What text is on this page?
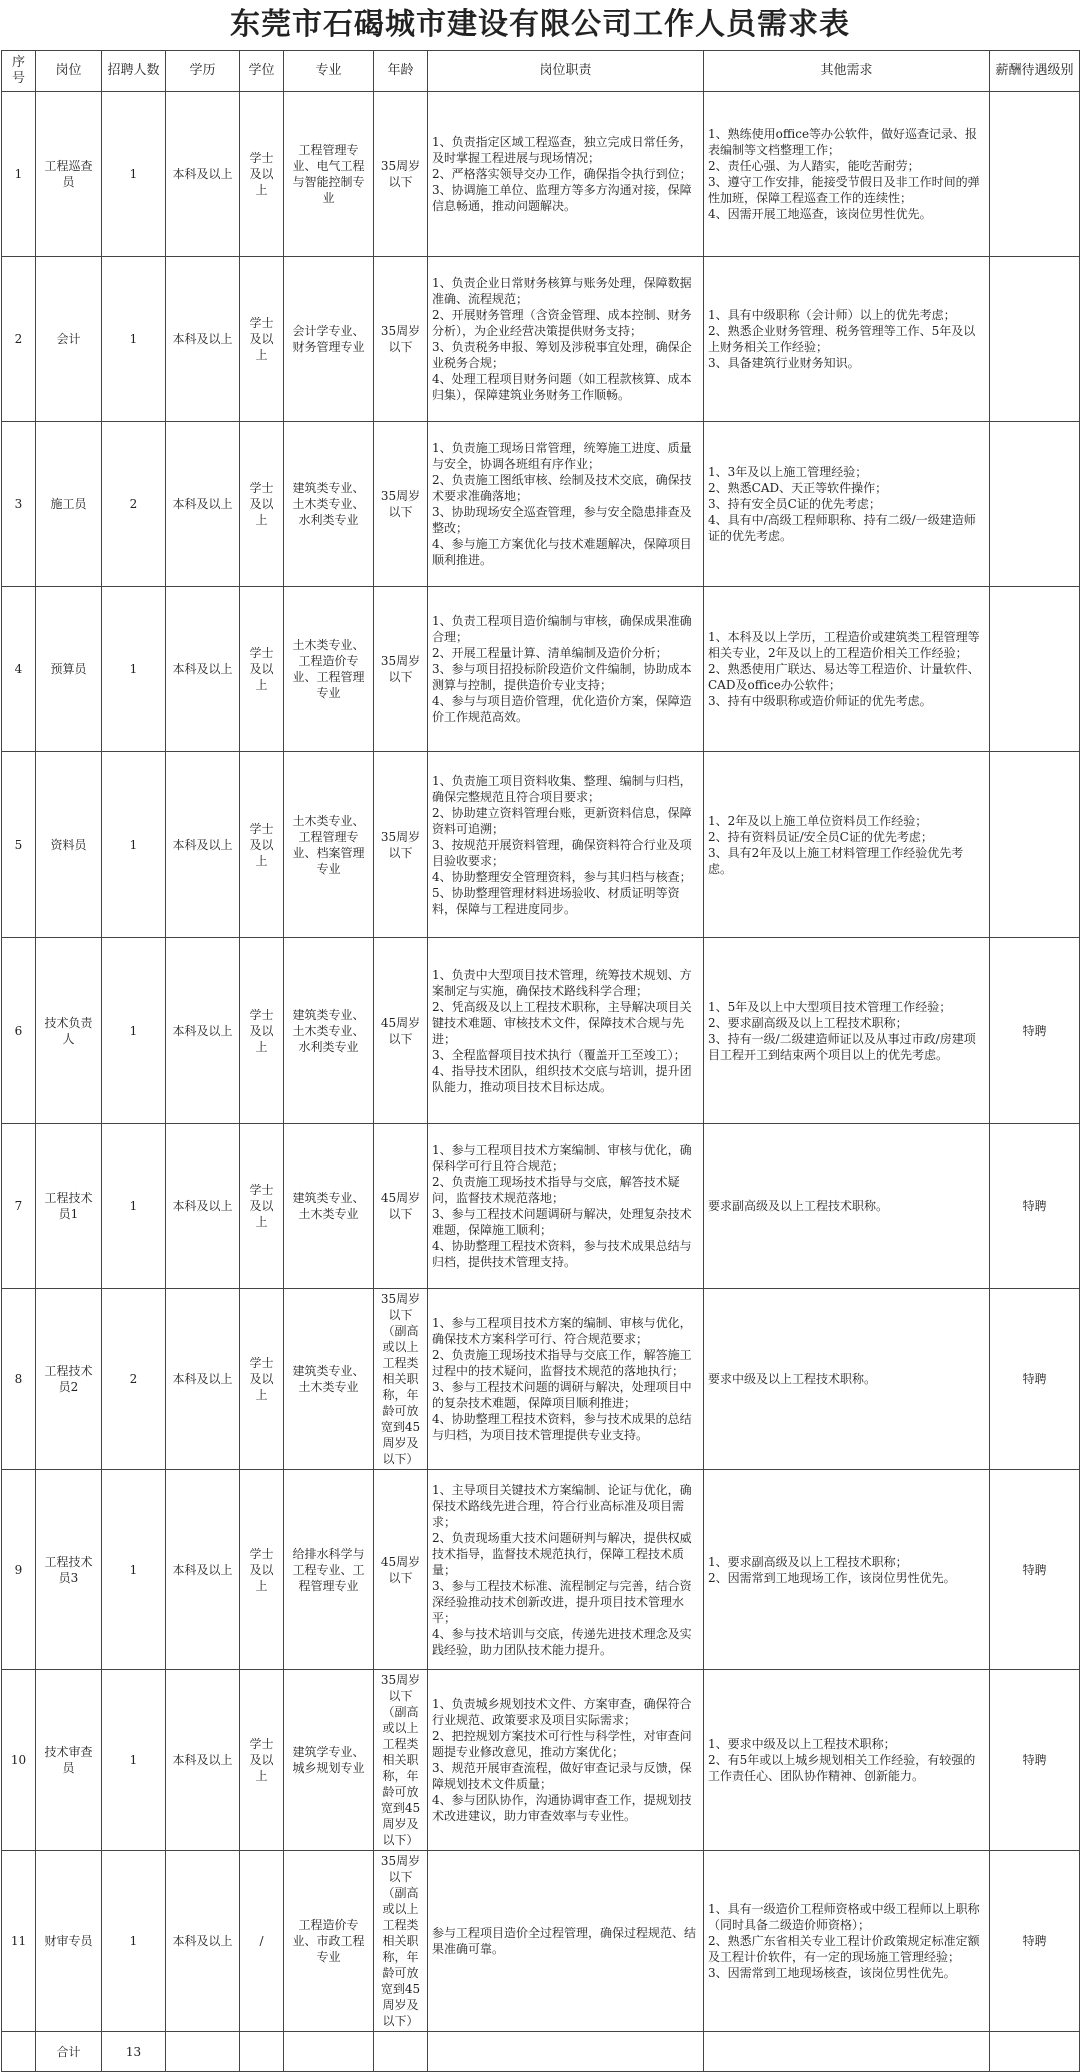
东莞市石碣城市建设有限公司工作人员需求表
序号	岗位	招聘人数	学历	学位	专业	年龄	岗位职责	其他需求	薪酬待遇级别
1	工程巡查员	1	本科及以上	学士及以上	工程管理专业、电气工程与智能控制专业	35周岁以下	1、负责指定区域工程巡查，独立完成日常任务，及时掌握工程进展与现场情况；
2、严格落实领导交办工作，确保指令执行到位；
3、协调施工单位、监理方等多方沟通对接，保障信息畅通，推动问题解决。	1、熟练使用office等办公软件，做好巡查记录、报表编制等文档整理工作；
2、责任心强、为人踏实，能吃苦耐劳；
3、遵守工作安排，能接受节假日及非工作时间的弹性加班，保障工程巡查工作的连续性；
4、因需开展工地巡查，该岗位男性优先。	
2	会计	1	本科及以上	学士及以上	会计学专业、财务管理专业	35周岁以下	1、负责企业日常财务核算与账务处理，保障数据准确、流程规范；
2、开展财务管理（含资金管理、成本控制、财务分析），为企业经营决策提供财务支持；
3、负责税务申报、筹划及涉税事宜处理，确保企业税务合规；
4、处理工程项目财务问题（如工程款核算、成本归集），保障建筑业务财务工作顺畅。	1、具有中级职称（会计师）以上的优先考虑；
2、熟悉企业财务管理、税务管理等工作、5年及以上财务相关工作经验；
3、具备建筑行业财务知识。	
3	施工员	2	本科及以上	学士及以上	建筑类专业、土木类专业、水利类专业	35周岁以下	1、负责施工现场日常管理，统筹施工进度、质量与安全，协调各班组有序作业；
2、负责施工图纸审核、绘制及技术交底，确保技术要求准确落地；
3、协助现场安全巡查管理，参与安全隐患排查及整改；
4、参与施工方案优化与技术难题解决，保障项目顺利推进。	1、3年及以上施工管理经验；
2、熟悉CAD、天正等软件操作；
3、持有安全员C证的优先考虑；
4、具有中/高级工程师职称、持有二级/一级建造师证的优先考虑。	
4	预算员	1	本科及以上	学士及以上	土木类专业、工程造价专业、工程管理专业	35周岁以下	1、负责工程项目造价编制与审核，确保成果准确合理；
2、开展工程量计算、清单编制及造价分析；
3、参与项目招投标阶段造价文件编制，协助成本测算与控制，提供造价专业支持；
4、参与与项目造价管理，优化造价方案，保障造价工作规范高效。	1、本科及以上学历，工程造价或建筑类工程管理等相关专业，2年及以上的工程造价相关工作经验；
2、熟悉使用广联达、易达等工程造价、计量软件、CAD及office办公软件；
3、持有中级职称或造价师证的优先考虑。	
5	资料员	1	本科及以上	学士及以上	土木类专业、工程管理专业、档案管理专业	35周岁以下	1、负责施工项目资料收集、整理、编制与归档，确保完整规范且符合项目要求；
2、协助建立资料管理台账，更新资料信息，保障资料可追溯；
3、按规范开展资料管理，确保资料符合行业及项目验收要求；
4、协助整理安全管理资料，参与其归档与核查；
5、协助整理管理材料进场验收、材质证明等资料，保障与工程进度同步。	1、2年及以上施工单位资料员工作经验；
2、持有资料员证/安全员C证的优先考虑；
3、具有2年及以上施工材料管理工作经验优先考虑。	
6	技术负责人	1	本科及以上	学士及以上	建筑类专业、土木类专业、水利类专业	45周岁以下	1、负责中大型项目技术管理，统筹技术规划、方案制定与实施，确保技术路线科学合理；
2、凭高级及以上工程技术职称，主导解决项目关键技术难题、审核技术文件，保障技术合规与先进；
3、全程监督项目技术执行（覆盖开工至竣工）；
4、指导技术团队，组织技术交底与培训，提升团队能力，推动项目技术目标达成。	1、5年及以上中大型项目技术管理工作经验；
2、要求副高级及以上工程技术职称；
3、持有一级/二级建造师证以及从事过市政/房建项目工程开工到结束两个项目以上的优先考虑。	特聘
7	工程技术员1	1	本科及以上	学士及以上	建筑类专业、土木类专业	45周岁以下	1、参与工程项目技术方案编制、审核与优化，确保科学可行且符合规范；
2、负责施工现场技术指导与交底，解答技术疑问，监督技术规范落地；
3、参与工程技术问题调研与解决，处理复杂技术难题，保障施工顺利；
4、协助整理工程技术资料，参与技术成果总结与归档，提供技术管理支持。	要求副高级及以上工程技术职称。	特聘
8	工程技术员2	2	本科及以上	学士及以上	建筑类专业、土木类专业	35周岁以下（副高或以上工程类相关职称，年龄可放宽到45周岁及以下）	1、参与工程项目技术方案的编制、审核与优化，确保技术方案科学可行、符合规范要求；
2、负责施工现场技术指导与交底工作，解答施工过程中的技术疑问，监督技术规范的落地执行；
3、参与工程技术问题的调研与解决，处理项目中的复杂技术难题，保障项目顺利推进；
4、协助整理工程技术资料，参与技术成果的总结与归档，为项目技术管理提供专业支持。	要求中级及以上工程技术职称。	特聘
9	工程技术员3	1	本科及以上	学士及以上	给排水科学与工程专业、工程管理专业	45周岁以下	1、主导项目关键技术方案编制、论证与优化，确保技术路线先进合理，符合行业高标准及项目需求；
2、负责现场重大技术问题研判与解决，提供权威技术指导，监督技术规范执行，保障工程技术质量；
3、参与工程技术标准、流程制定与完善，结合资深经验推动技术创新改进，提升项目技术管理水平；
4、参与技术培训与交底，传递先进技术理念及实践经验，助力团队技术能力提升。	1、要求副高级及以上工程技术职称；
2、因需常到工地现场工作，该岗位男性优先。	特聘
10	技术审查员	1	本科及以上	学士及以上	建筑学专业、城乡规划专业	35周岁以下（副高或以上工程类相关职称，年龄可放宽到45周岁及以下）	1、负责城乡规划技术文件、方案审查，确保符合行业规范、政策要求及项目实际需求；
2、把控规划方案技术可行性与科学性，对审查问题提专业修改意见，推动方案优化；
3、规范开展审查流程，做好审查记录与反馈，保障规划技术文件质量；
4、参与团队协作，沟通协调审查工作，提规划技术改进建议，助力审查效率与专业性。	1、要求中级及以上工程技术职称；
2、有5年或以上城乡规划相关工作经验，有较强的工作责任心、团队协作精神、创新能力。	特聘
11	财审专员	1	本科及以上	/	工程造价专业、市政工程专业	35周岁以下（副高或以上工程类相关职称，年龄可放宽到45周岁及以下）	参与工程项目造价全过程管理，确保过程规范、结果准确可靠。	1、具有一级造价工程师资格或中级工程师以上职称（同时具备二级造价师资格）；
2、熟悉广东省相关专业工程计价政策规定标准定额及工程计价软件，有一定的现场施工管理经验；
3、因需常到工地现场核查，该岗位男性优先。	特聘
	合计	13							
